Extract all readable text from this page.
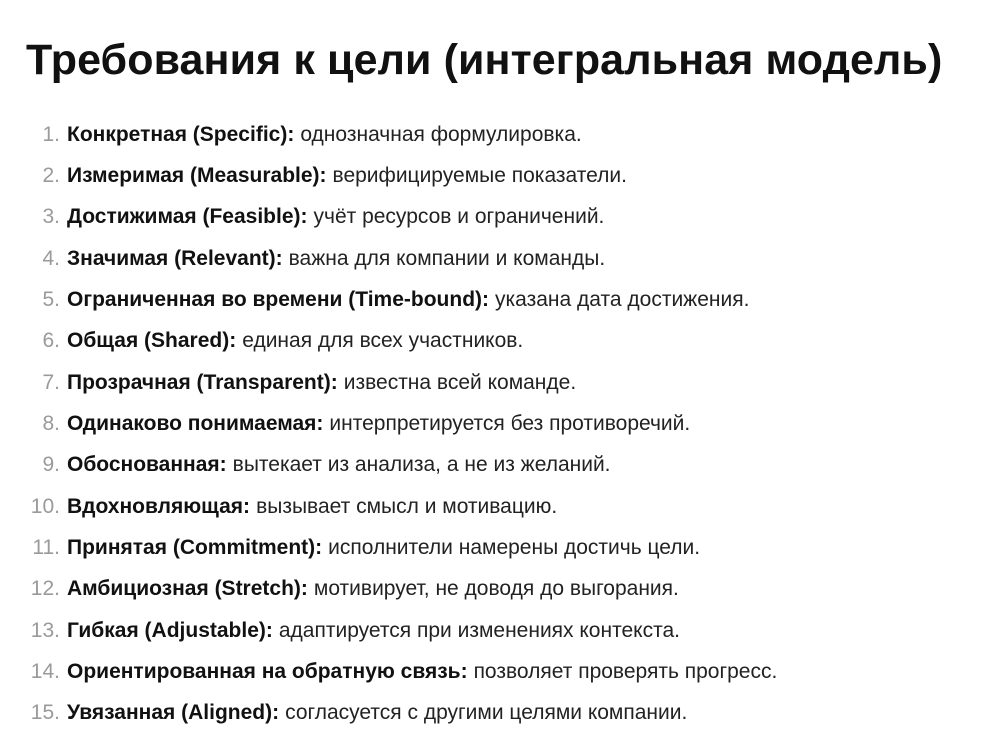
Требования к цели (интегральная модель)
1. Конкретная (Specific): однозначная формулировка.
2. Измеримая (Measurable): верифицируемые показатели.
3. Достижимая (Feasible): учёт ресурсов и ограничений.
4. Значимая (Relevant): важна для компании и команды.
5. Ограниченная во времени (Time-bound): указана дата достижения.
6. Общая (Shared): единая для всех участников.
7. Прозрачная (Transparent): известна всей команде.
8. Одинаково понимаемая: интерпретируется без противоречий.
9. Обоснованная: вытекает из анализа, а не из желаний.
10. Вдохновляющая: вызывает смысл и мотивацию.
11. Принятая (Commitment): исполнители намерены достичь цели.
12. Амбициозная (Stretch): мотивирует, не доводя до выгорания.
13. Гибкая (Adjustable): адаптируется при изменениях контекста.
14. Ориентированная на обратную связь: позволяет проверять прогресс.
15. Увязанная (Aligned): согласуется с другими целями компании.
